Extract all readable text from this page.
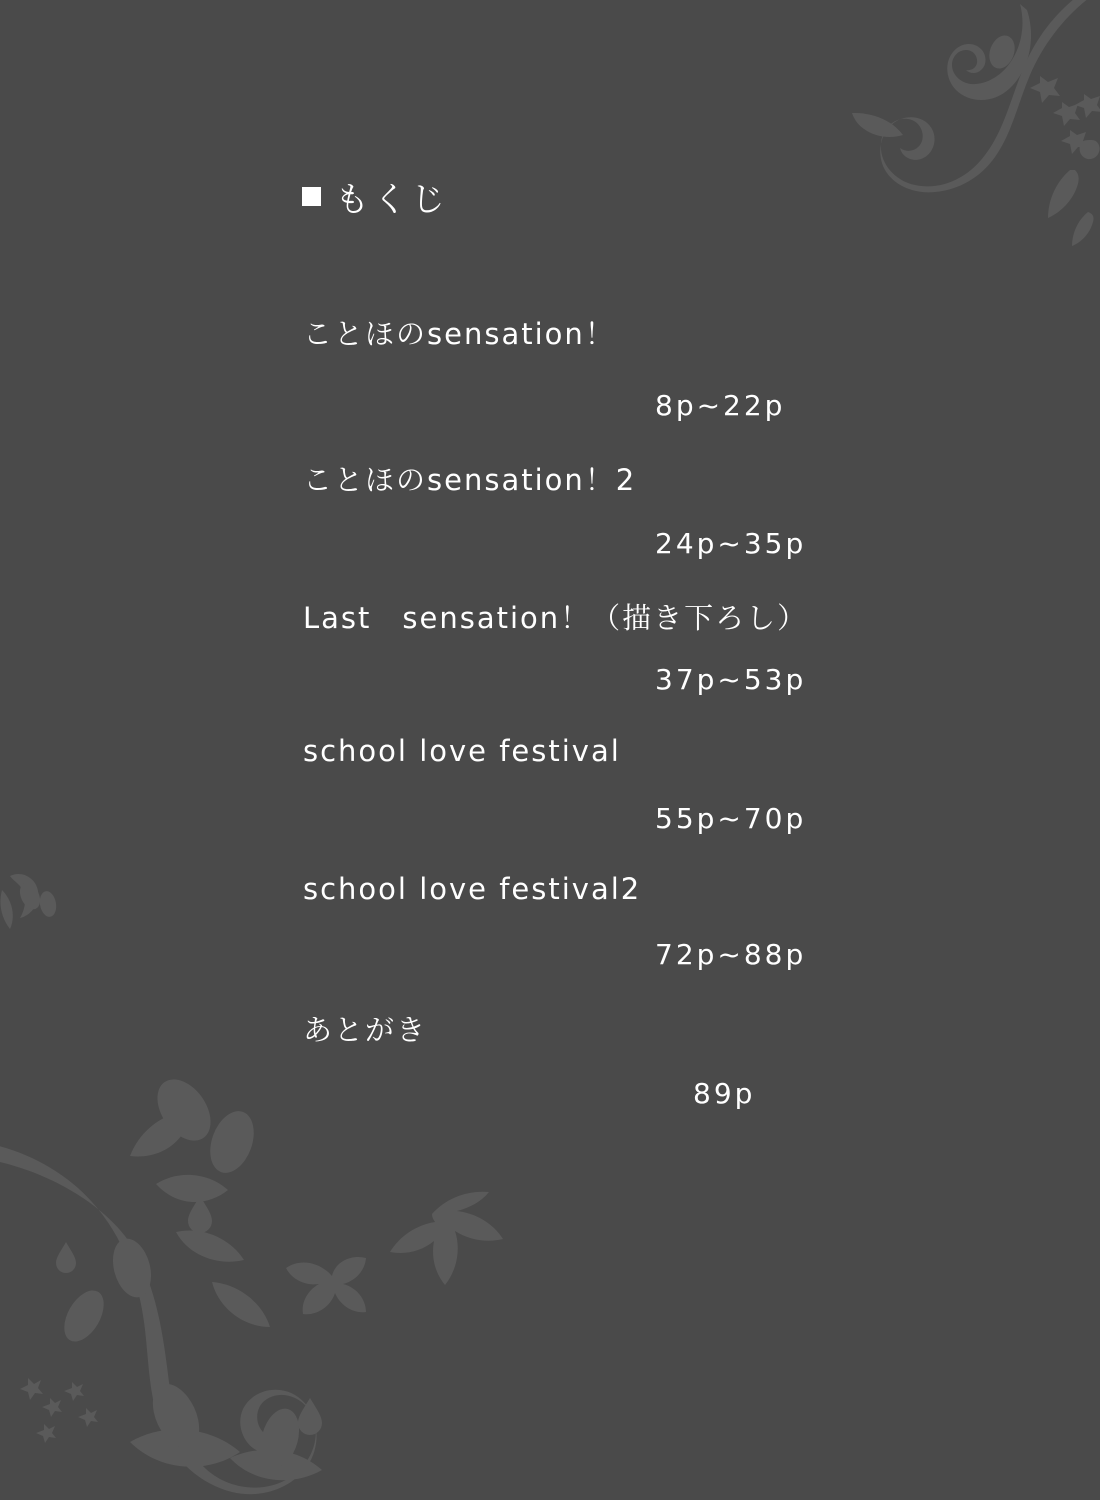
もくじ
ことほのsensation！
8p~22p
ことほのsensation！2
24p~35p
Last　sensation！（描き下ろし）
37p~53p
school love festival
55p~70p
school love festival2
72p~88p
あとがき
89p
